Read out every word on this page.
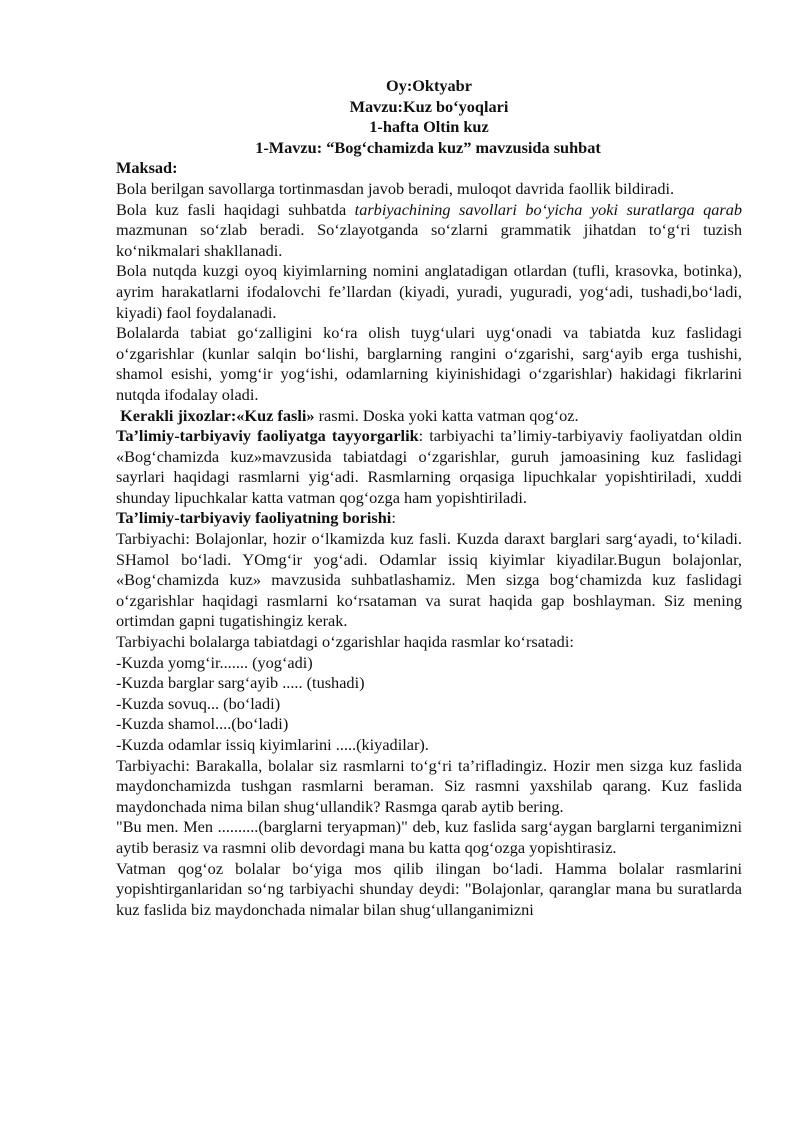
Oy:Oktyabr
Mavzu:Kuz bo‘yoqlari
1-hafta Oltin kuz
1-Mavzu: “Bog‘chamizda kuz” mavzusida suhbat
Maksad:

Bola berilgan savollarga tortinmasdan javob beradi, muloqot davrida faollik bildiradi.

Bola kuz fasli haqidagi suhbatda tarbiyachining savollari bo‘yicha yoki suratlarga qarab mazmunan so‘zlab beradi. So‘zlayotganda so‘zlarni grammatik jihatdan to‘g‘ri tuzish ko‘nikmalari shakllanadi.

Bola nutqda kuzgi oyoq kiyimlarning nomini anglatadigan otlardan (tufli, krasovka, botinka), ayrim harakatlarni ifodalovchi fe’llardan (kiyadi, yuradi, yuguradi, yog‘adi, tushadi,bo‘ladi, kiyadi) faol foydalanadi.

Bolalarda tabiat go‘zalligini ko‘ra olish tuyg‘ulari uyg‘onadi va tabiatda kuz faslidagi o‘zgarishlar (kunlar salqin bo‘lishi, barglarning rangini o‘zgarishi, sarg‘ayib erga tushishi, shamol esishi, yomg‘ir yog‘ishi, odamlarning kiyinishidagi o‘zgarishlar) hakidagi fikrlarini nutqda ifodalay oladi.

Kerakli jixozlar:«Kuz fasli» rasmi. Doska yoki katta vatman qog‘oz.

Ta’limiy-tarbiyaviy faoliyatga tayyorgarlik: tarbiyachi ta’limiy-tarbiyaviy faoliyatdan oldin «Bog‘chamizda kuz»mavzusida tabiatdagi o‘zgarishlar, guruh jamoasining kuz faslidagi sayrlari haqidagi rasmlarni yig‘adi. Rasmlarning orqasiga lipuchkalar yopishtiriladi, xuddi shunday lipuchkalar katta vatman qog‘ozga ham yopishtiriladi.

Ta’limiy-tarbiyaviy faoliyatning borishi:

Tarbiyachi: Bolajonlar, hozir o‘lkamizda kuz fasli. Kuzda daraxt barglari sarg‘ayadi, to‘kiladi. SHamol bo‘ladi. YOmg‘ir yog‘adi. Odamlar issiq kiyimlar kiyadilar.Bugun bolajonlar, «Bog‘chamizda kuz» mavzusida suhbatlashamiz. Men sizga bog‘chamizda kuz faslidagi o‘zgarishlar haqidagi rasmlarni ko‘rsataman va surat haqida gap boshlayman. Siz mening ortimdan gapni tugatishingiz kerak.

Tarbiyachi bolalarga tabiatdagi o‘zgarishlar haqida rasmlar ko‘rsatadi:

-Kuzda yomg‘ir....... (yog‘adi)
-Kuzda barglar sarg‘ayib ..... (tushadi)
-Kuzda sovuq... (bo‘ladi)
-Kuzda shamol....(bo‘ladi)
-Kuzda odamlar issiq kiyimlarini .....(kiyadilar).

Tarbiyachi: Barakalla, bolalar siz rasmlarni to‘g‘ri ta’rifladingiz. Hozir men sizga kuz faslida maydonchamizda tushgan rasmlarni beraman. Siz rasmni yaxshilab qarang. Kuz faslida maydonchada nima bilan shug‘ullandik? Rasmga qarab aytib bering.

"Bu men. Men ..........(barglarni teryapman)" deb, kuz faslida sarg‘aygan barglarni terganimizni aytib berasiz va rasmni olib devordagi mana bu katta qog‘ozga yopishtirasiz.

Vatman qog‘oz bolalar bo‘yiga mos qilib ilingan bo‘ladi. Hamma bolalar rasmlarini yopishtirganlaridan so‘ng tarbiyachi shunday deydi: "Bolajonlar, qaranglar mana bu suratlarda kuz faslida biz maydonchada nimalar bilan shug‘ullanganimizni
